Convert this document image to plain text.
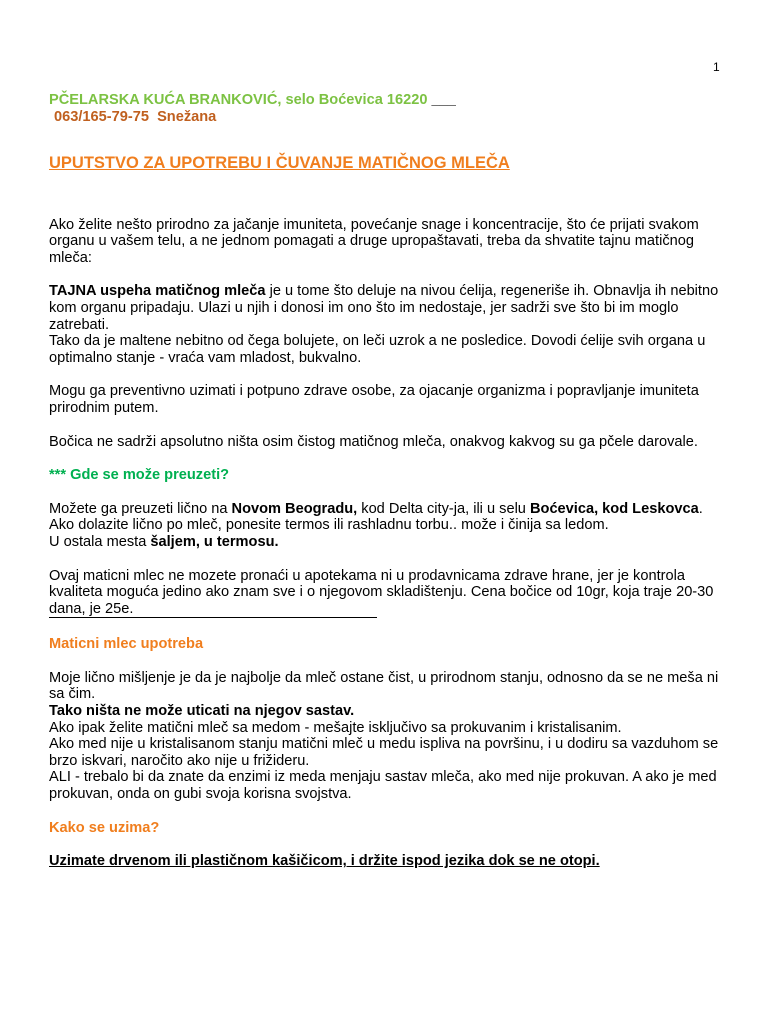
1
PČELARSKA KUĆA BRANKOVIĆ, selo Boćevica 16220 ___
063/165-79-75 Snežana

UPUTSTVO ZA UPOTREBU I ČUVANJE MATIČNOG MLEČA

Ako želite nešto prirodno za jačanje imuniteta, povećanje snage i koncentracije, što će prijati svakom organu u vašem telu, a ne jednom pomagati a druge upropaštavati, treba da shvatite tajnu matičnog mleča:

TAJNA uspeha matičnog mleča je u tome što deluje na nivou ćelija, regeneriše ih. Obnavlja ih nebitno kom organu pripadaju. Ulazi u njih i donosi im ono što im nedostaje, jer sadrži sve što bi im moglo zatrebati.

Tako da je maltene nebitno od čega bolujete, on leči uzrok a ne posledice. Dovodi ćelije svih organa u optimalno stanje - vraća vam mladost, bukvalno.

Mogu ga preventivno uzimati i potpuno zdrave osobe, za ojacanje organizma i popravljanje imuniteta prirodnim putem.

Bočica ne sadrži apsolutno ništa osim čistog matičnog mleča, onakvog kakvog su ga pčele darovale.

*** Gde se može preuzeti?

Možete ga preuzeti lično na Novom Beogradu, kod Delta city-ja, ili u selu Boćevica, kod Leskovca.

Ako dolazite lično po mleč, ponesite termos ili rashladnu torbu.. može i činija sa ledom.

U ostala mesta šaljem, u termosu.

Ovaj maticni mlec ne mozete pronaći u apotekama ni u prodavnicama zdrave hrane, jer je kontrola kvaliteta moguća jedino ako znam sve i o njegovom skladištenju. Cena bočice od 10gr, koja traje 20-30 dana, je 25e.

Maticni mlec upotreba

Moje lično mišljenje je da je najbolje da mleč ostane čist, u prirodnom stanju, odnosno da se ne meša ni sa čim.

Tako ništa ne može uticati na njegov sastav.

Ako ipak želite matični mleč sa medom - mešajte isključivo sa prokuvanim i kristalisanim.

Ako med nije u kristalisanom stanju matični mleč u medu ispliva na površinu, i u dodiru sa vazduhom se brzo iskvari, naročito ako nije u frižideru.

ALI - trebalo bi da znate da enzimi iz meda menjaju sastav mleča, ako med nije prokuvan. A ako je med prokuvan, onda on gubi svoja korisna svojstva.

Kako se uzima?

Uzimate drvenom ili plastičnom kašičicom, i držite ispod jezika dok se ne otopi.
